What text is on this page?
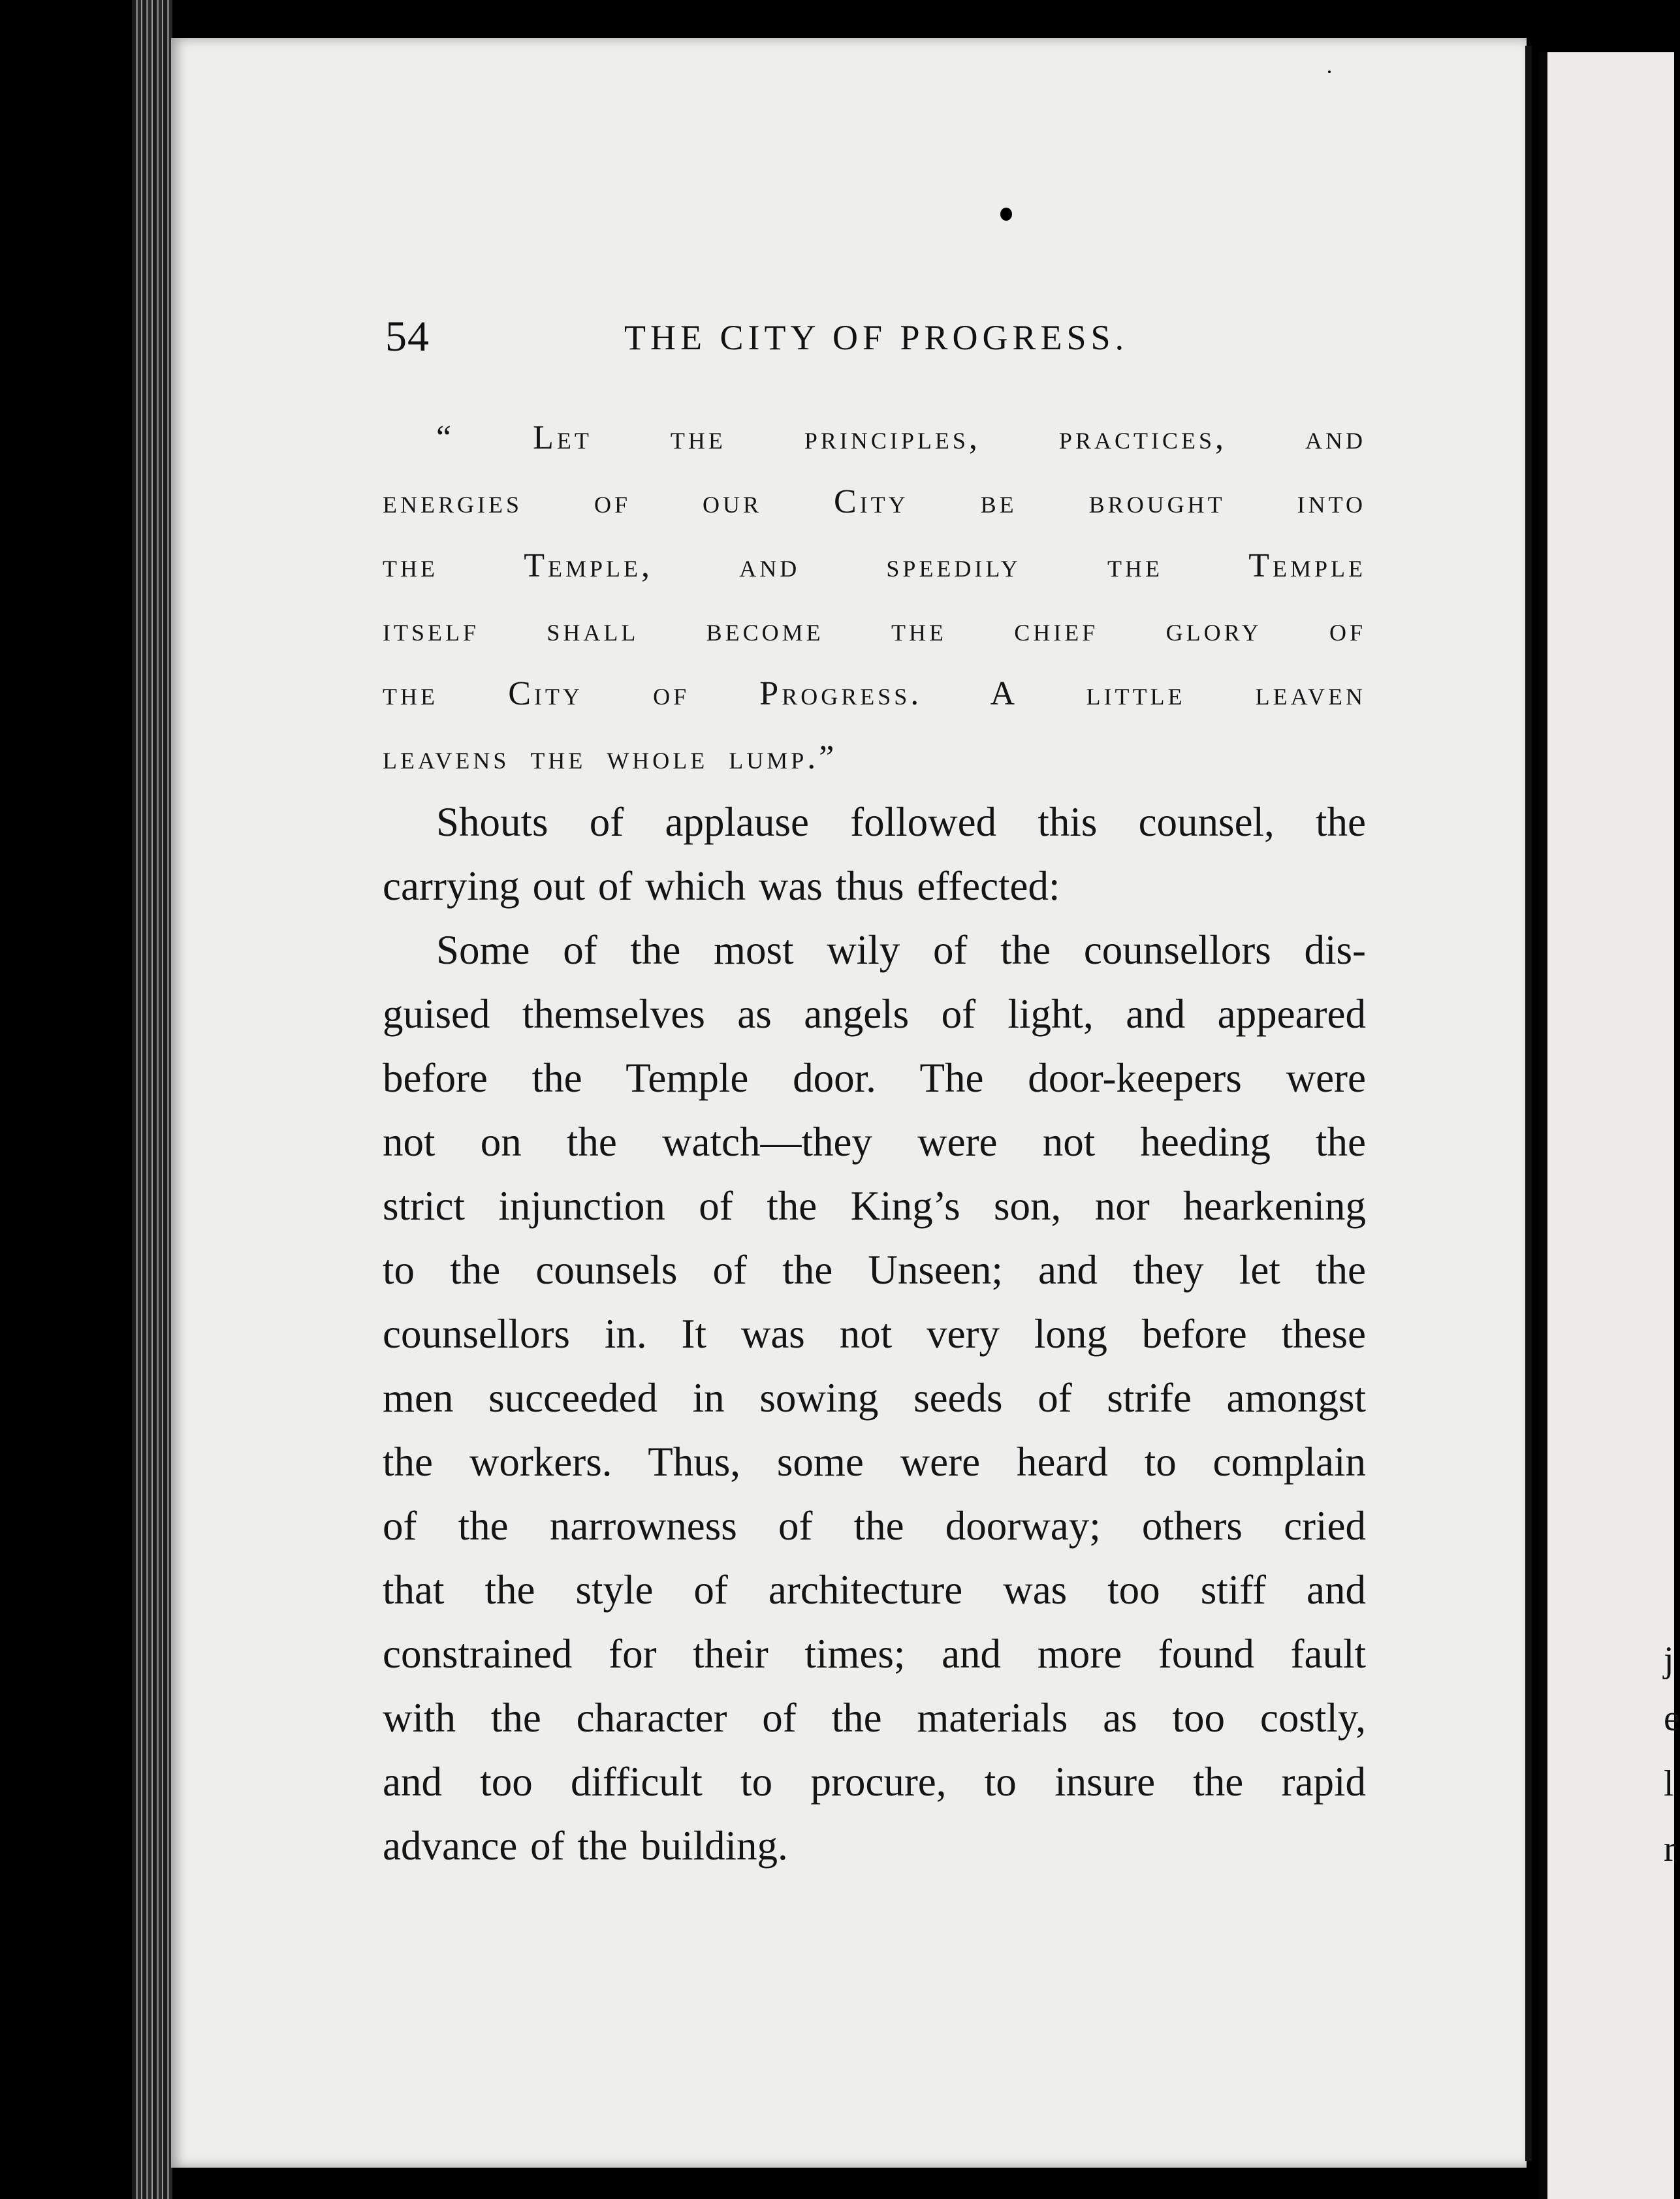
54	THE CITY OF PROGRESS.
“ Let the principles, practices, and
energies of our City be brought into
the Temple, and speedily the Temple
itself shall become the chief glory of
the City of Progress. A little leaven
leavens the whole lump.”
Shouts of applause followed this counsel, the
carrying out of which was thus effected:
Some of the most wily of the counsellors dis-
guised themselves as angels of light, and appeared
before the Temple door. The door-keepers were
not on the watch—they were not heeding the
strict injunction of the King’s son, nor hearkening
to the counsels of the Unseen; and they let the
counsellors in. It was not very long before these
men succeeded in sowing seeds of strife amongst
the workers. Thus, some were heard to complain
of the narrowness of the doorway; others cried
that the style of architecture was too stiff and
constrained for their times; and more found fault
with the character of the materials as too costly,
and too difficult to procure, to insure the rapid
advance of the building.
j
e
l
r
